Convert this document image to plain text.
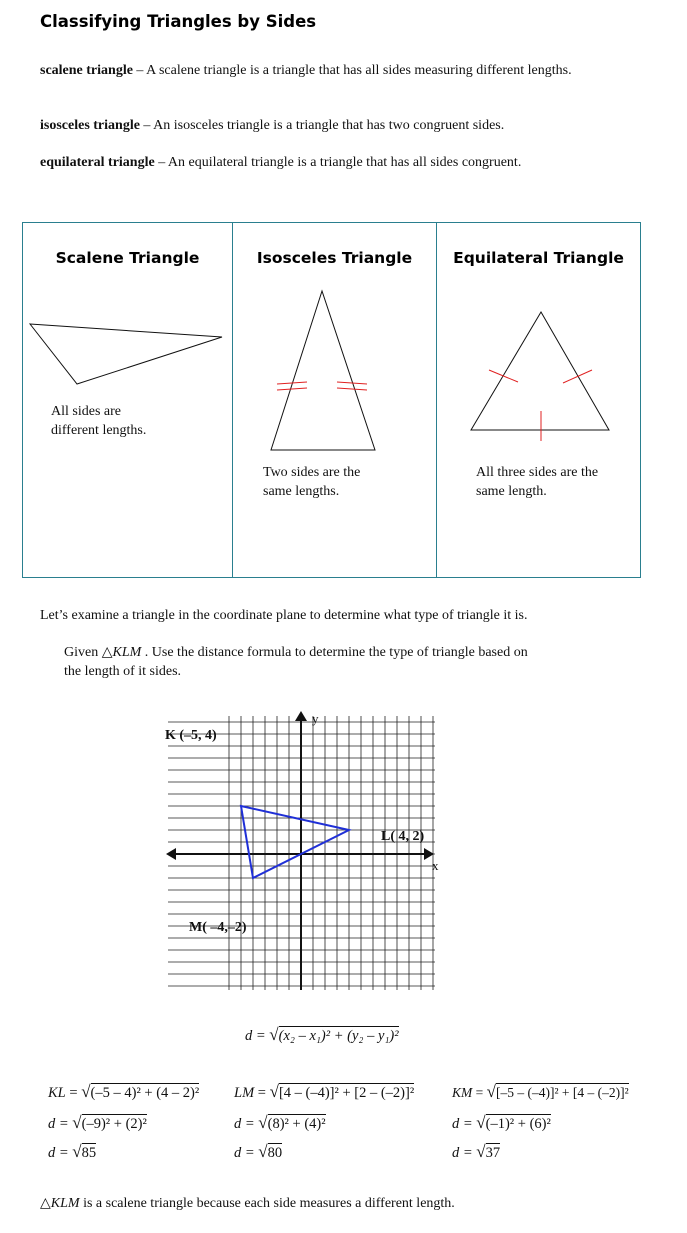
Classifying Triangles by Sides
scalene triangle – A scalene triangle is a triangle that has all sides measuring different lengths.
isosceles triangle – An isosceles triangle is a triangle that has two congruent sides.
equilateral triangle – An equilateral triangle is a triangle that has all sides congruent.
Scalene Triangle
All sides are
different lengths.
Isosceles Triangle
Two sides are the
same lengths.
Equilateral Triangle
All three sides are the
same length.
Let’s examine a triangle in the coordinate plane to determine what type of triangle it is.
Given △KLM . Use the distance formula to determine the type of triangle based on
the length of it sides.
K (–5, 4)
L( 4, 2)
M( –4,–2)
x
y
d = √(x₂ – x₁)² + (y₂ – y₁)²
KL = √(–5 – 4)² + (4 – 2)²
d = √(–9)² + (2)²
d = √85
LM = √[4 – (–4)]² + [2 – (–2)]²
d = √(8)² + (4)²
d = √80
KM = √[–5 – (–4)]² + [4 – (–2)]²
d = √(–1)² + (6)²
d = √37
△KLM is a scalene triangle because each side measures a different length.
